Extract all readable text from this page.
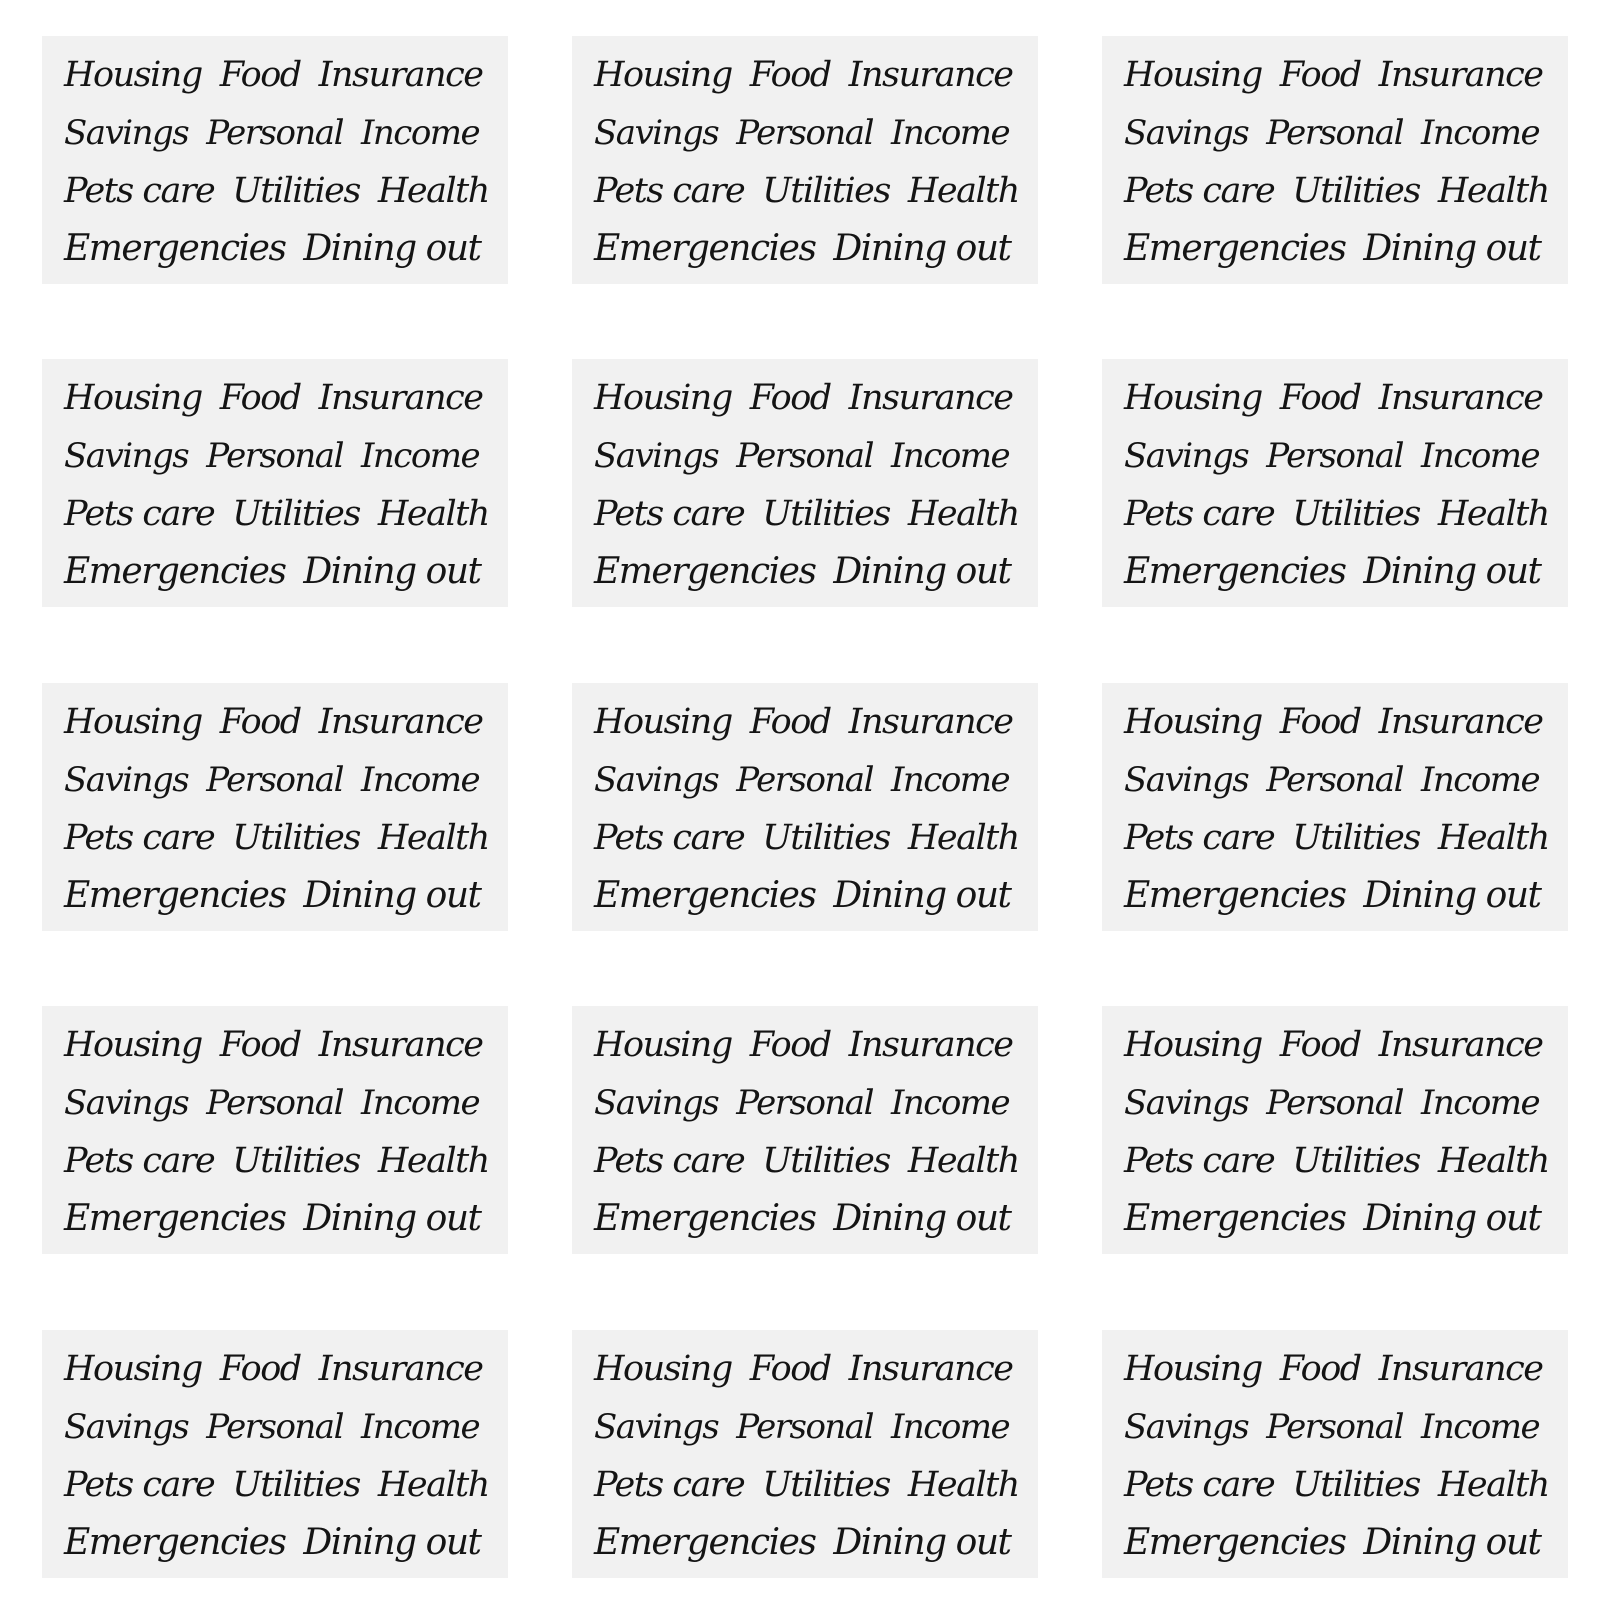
Housing Food Insurance
Savings Personal Income
Pets care Utilities Health
Emergencies Dining out
Housing Food Insurance
Savings Personal Income
Pets care Utilities Health
Emergencies Dining out
Housing Food Insurance
Savings Personal Income
Pets care Utilities Health
Emergencies Dining out
Housing Food Insurance
Savings Personal Income
Pets care Utilities Health
Emergencies Dining out
Housing Food Insurance
Savings Personal Income
Pets care Utilities Health
Emergencies Dining out
Housing Food Insurance
Savings Personal Income
Pets care Utilities Health
Emergencies Dining out
Housing Food Insurance
Savings Personal Income
Pets care Utilities Health
Emergencies Dining out
Housing Food Insurance
Savings Personal Income
Pets care Utilities Health
Emergencies Dining out
Housing Food Insurance
Savings Personal Income
Pets care Utilities Health
Emergencies Dining out
Housing Food Insurance
Savings Personal Income
Pets care Utilities Health
Emergencies Dining out
Housing Food Insurance
Savings Personal Income
Pets care Utilities Health
Emergencies Dining out
Housing Food Insurance
Savings Personal Income
Pets care Utilities Health
Emergencies Dining out
Housing Food Insurance
Savings Personal Income
Pets care Utilities Health
Emergencies Dining out
Housing Food Insurance
Savings Personal Income
Pets care Utilities Health
Emergencies Dining out
Housing Food Insurance
Savings Personal Income
Pets care Utilities Health
Emergencies Dining out
